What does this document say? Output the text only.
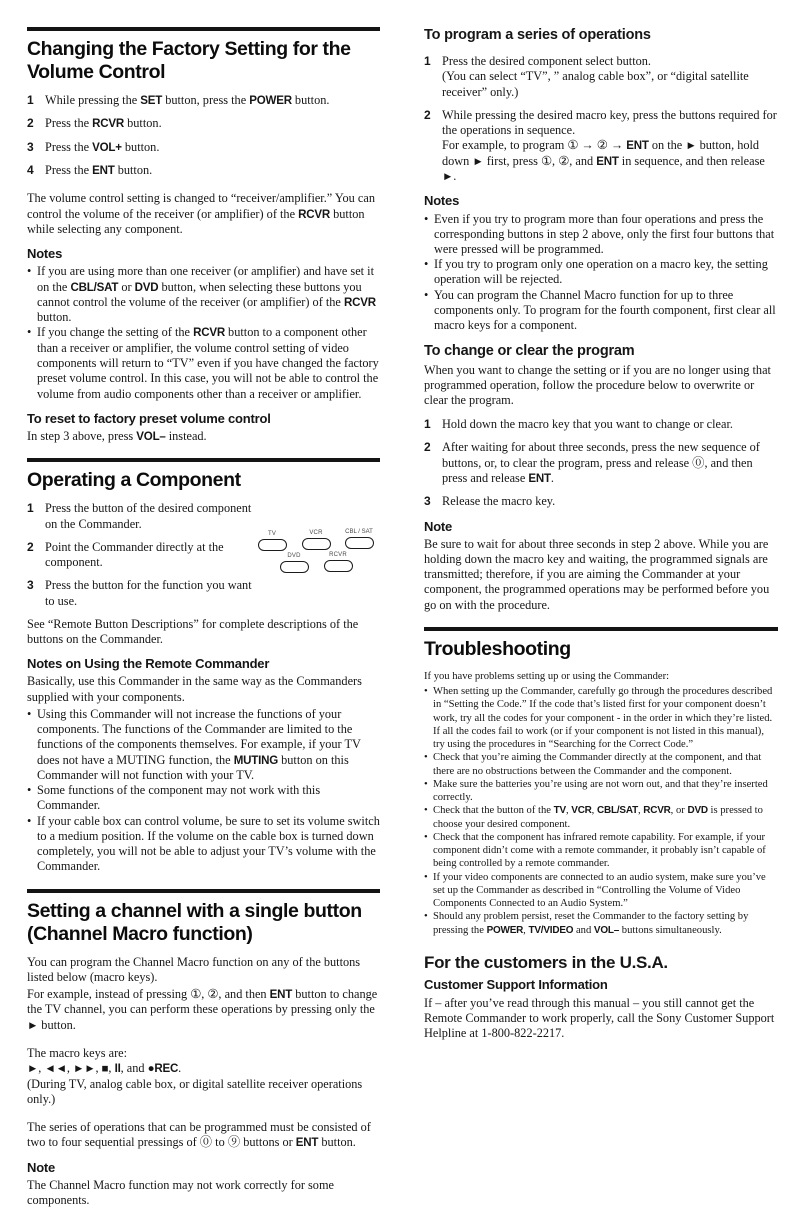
Changing the Factory Setting for the Volume Control
1 While pressing the SET button, press the POWER button.
2 Press the RCVR button.
3 Press the VOL+ button.
4 Press the ENT button.
The volume control setting is changed to “receiver/amplifier.” You can control the volume of the receiver (or amplifier) of the RCVR button while selecting any component.
Notes
• If you are using more than one receiver (or amplifier) and have set it on the CBL/SAT or DVD button, when selecting these buttons you cannot control the volume of the receiver (or amplifier) of the RCVR button.
• If you change the setting of the RCVR button to a component other than a receiver or amplifier, the volume control setting of video components will return to “TV” even if you have changed the factory preset volume control. In this case, you will not be able to control the volume from audio components other than a receiver or amplifier.
To reset to factory preset volume control
In step 3 above, press VOL– instead.
Operating a Component
1 Press the button of the desired component on the Commander.
2 Point the Commander directly at the component.
3 Press the button for the function you want to use.
TV	VCR	CBL / SAT
DVD	RCVR
See “Remote Button Descriptions” for complete descriptions of the buttons on the Commander.
Notes on Using the Remote Commander
Basically, use this Commander in the same way as the Commanders supplied with your components.
• Using this Commander will not increase the functions of your components. The functions of the Commander are limited to the functions of the components themselves. For example, if your TV does not have a MUTING function, the MUTING button on this Commander will not function with your TV.
• Some functions of the component may not work with this Commander.
• If your cable box can control volume, be sure to set its volume switch to a medium position. If the volume on the cable box is turned down completely, you will not be able to adjust your TV’s volume with the Commander.
Setting a channel with a single button (Channel Macro function)
You can program the Channel Macro function on any of the buttons listed below (macro keys).
For example, instead of pressing ①, ②, and then ENT button to change the TV channel, you can perform these operations by pressing only the ► button.
The macro keys are:
►, ◄◄, ►►, ■, II, and ●REC.
(During TV, analog cable box, or digital satellite receiver operations only.)
The series of operations that can be programmed must be consisted of two to four sequential pressings of ⓪ to ⑨ buttons or ENT button.
Note
The Channel Macro function may not work correctly for some components.
To program a series of operations
1 Press the desired component select button.
(You can select “TV”, ” analog cable box”, or “digital satellite receiver” only.)
2 While pressing the desired macro key, press the buttons required for the operations in sequence.
For example, to program ① → ② → ENT on the ► button, hold down ► first, press ①, ②, and ENT in sequence, and then release ►.
Notes
• Even if you try to program more than four operations and press the corresponding buttons in step 2 above, only the first four buttons that were pressed will be programmed.
• If you try to program only one operation on a macro key, the setting operation will be rejected.
• You can program the Channel Macro function for up to three components only. To program for the fourth component, first clear all macro keys for a component.
To change or clear the program
When you want to change the setting or if you are no longer using that programmed operation, follow the procedure below to overwrite or clear the program.
1 Hold down the macro key that you want to change or clear.
2 After waiting for about three seconds, press the new sequence of buttons, or, to clear the program, press and release ⓪, and then press and release ENT.
3 Release the macro key.
Note
Be sure to wait for about three seconds in step 2 above. While you are holding down the macro key and waiting, the programmed signals are transmitted; therefore, if you are aiming the Commander at your component, the programmed operations may be performed before you go on with the procedure.
Troubleshooting
If you have problems setting up or using the Commander:
• When setting up the Commander, carefully go through the procedures described in “Setting the Code.” If the code that’s listed first for your component doesn’t work, try all the codes for your component - in the order in which they’re listed. If all the codes fail to work (or if your component is not listed in this manual), try using the procedures in “Searching for the Correct Code.”
• Check that you’re aiming the Commander directly at the component, and that there are no obstructions between the Commander and the component.
• Make sure the batteries you’re using are not worn out, and that they’re inserted correctly.
• Check that the button of the TV, VCR, CBL/SAT, RCVR, or DVD is pressed to choose your desired component.
• Check that the component has infrared remote capability. For example, if your component didn’t come with a remote commander, it probably isn’t capable of being controlled by a remote commander.
• If your video components are connected to an audio system, make sure you’ve set up the Commander as described in “Controlling the Volume of Video Components Connected to an Audio System.”
• Should any problem persist, reset the Commander to the factory setting by pressing the POWER, TV/VIDEO and VOL– buttons simultaneously.
For the customers in the U.S.A.
Customer Support Information
If – after you’ve read through this manual – you still cannot get the Remote Commander to work properly, call the Sony Customer Support Helpline at 1-800-822-2217.
